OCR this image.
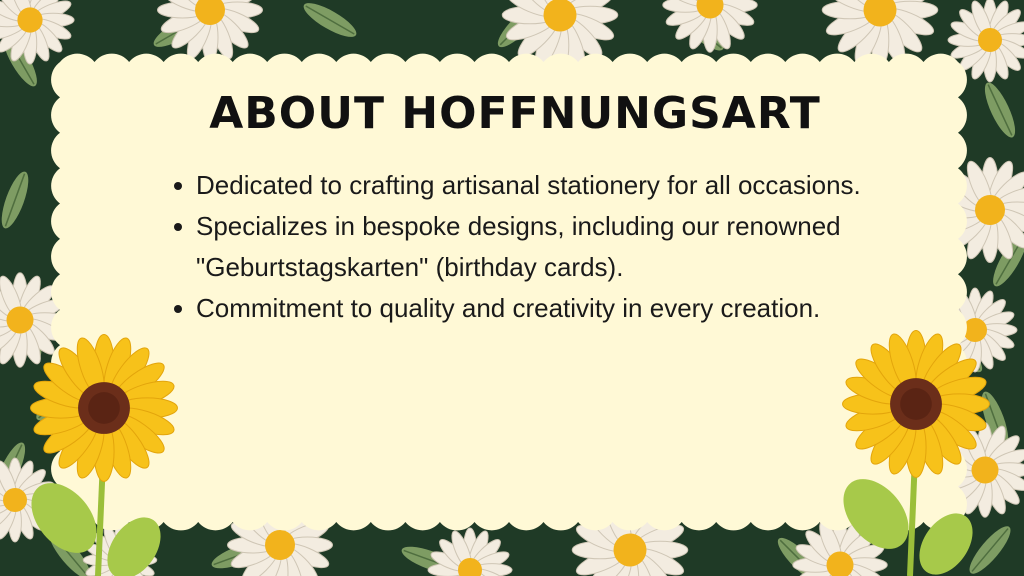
ABOUT HOFFNUNGSART
Dedicated to crafting artisanal stationery for all occasions.
Specializes in bespoke designs, including our renowned "Geburtstagskarten" (birthday cards).
Commitment to quality and creativity in every creation.
